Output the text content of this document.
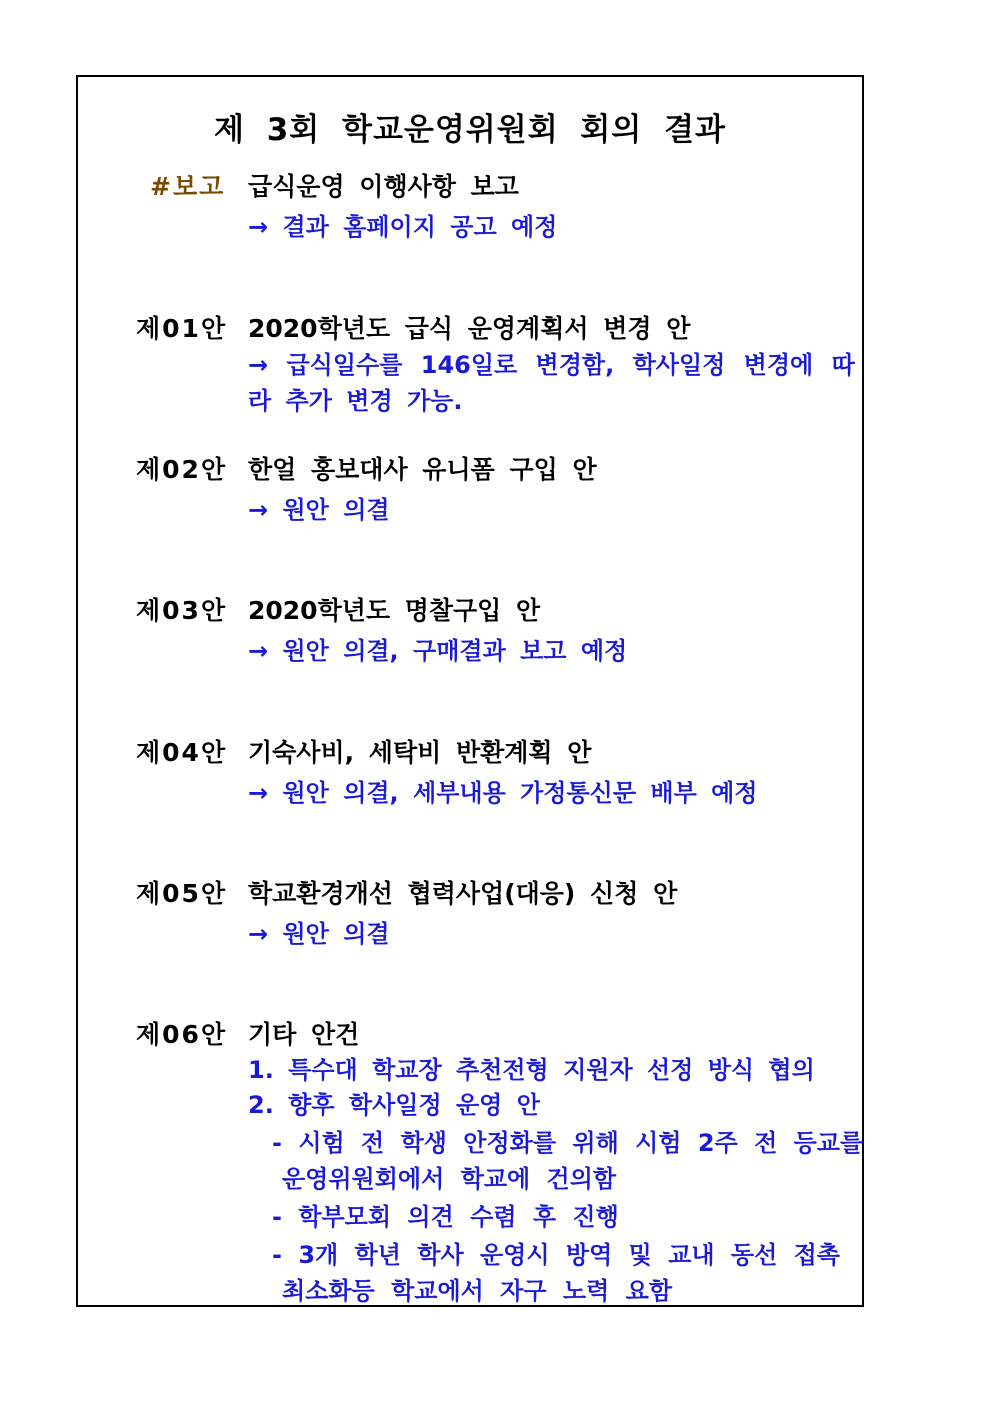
제 3회 학교운영위원회 회의 결과
#보고 급식운영 이행사항 보고
→ 결과 홈페이지 공고 예정
제01안 2020학년도 급식 운영계획서 변경 안
→ 급식일수를 146일로 변경함, 학사일정 변경에 따
라 추가 변경 가능.
제02안 한얼 홍보대사 유니폼 구입 안
→ 원안 의결
제03안 2020학년도 명찰구입 안
→ 원안 의결, 구매결과 보고 예정
제04안 기숙사비, 세탁비 반환계획 안
→ 원안 의결, 세부내용 가정통신문 배부 예정
제05안 학교환경개선 협력사업(대응) 신청 안
→ 원안 의결
제06안 기타 안건
1. 특수대 학교장 추천전형 지원자 선정 방식 협의
2. 향후 학사일정 운영 안
- 시험 전 학생 안정화를 위해 시험 2주 전 등교를
운영위원회에서 학교에 건의함
- 학부모회 의견 수렴 후 진행
- 3개 학년 학사 운영시 방역 및 교내 동선 접촉
최소화등 학교에서 자구 노력 요함
